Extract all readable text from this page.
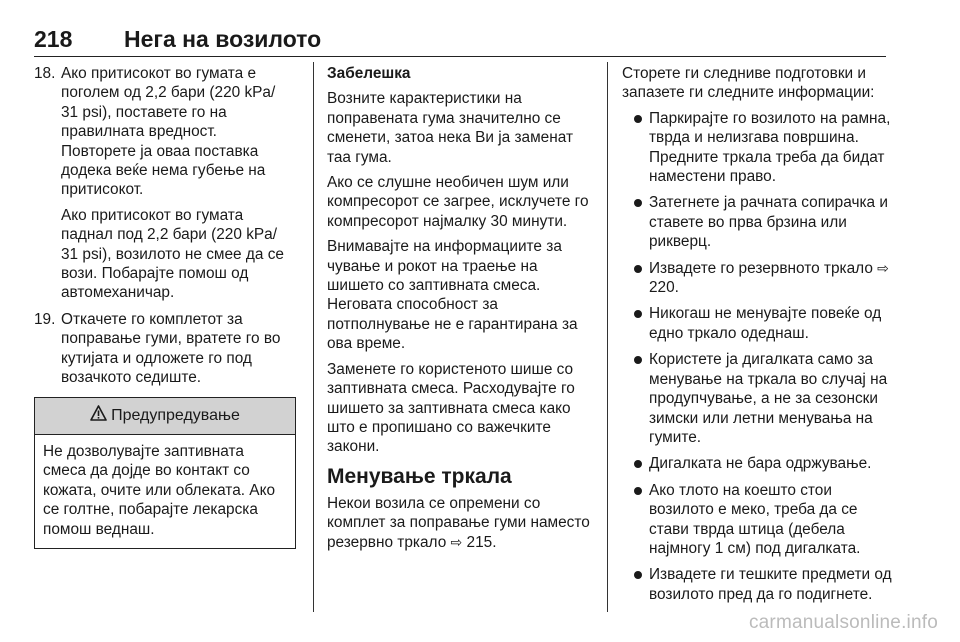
218 Нега на возилото
18. Ако притисокот во гумата е поголем од 2,2 бари (220 kPa/ 31 psi), поставете го на правилната вредност. Повторете ја оваа поставка додека веќе нема губење на притисокот.

Ако притисокот во гумата паднал под 2,2 бари (220 kPa/ 31 psi), возилото не смее да се вози. Побарајте помош од автомеханичар.

19. Откачете го комплетот за поправање гуми, вратете го во кутијата и одложете го под возачкото седиште.

Предупредување
Не дозволувајте заптивната смеса да дојде во контакт со кожата, очите или облеката. Ако се голтне, побарајте лекарска помош веднаш.

Забелешка

Возните карактеристики на поправената гума значително се сменети, затоа нека Ви ја заменат таа гума.

Ако се слушне необичен шум или компресорот се загрее, исклучете го компресорот најмалку 30 минути.

Внимавајте на информациите за чување и рокот на траење на шишето со заптивната смеса. Неговата способност за потполнување не е гарантирана за ова време.

Заменете го користеното шише со заптивната смеса. Расходувајте го шишето за заптивната смеса како што е пропишано со важечките закони.

Менување тркала

Некои возила се опремени со комплет за поправање гуми наместо резервно тркало ⇨ 215.

Сторете ги следниве подготовки и запазете ги следните информации:

Паркирајте го возилото на рамна, тврда и нелизгава површина. Предните тркала треба да бидат наместени право.
Затегнете ја рачната сопирачка и ставете во прва брзина или рикверц.
Извадете го резервното тркало ⇨ 220.
Никогаш не менувајте повеќе од едно тркало одеднаш.
Користете ја дигалката само за менување на тркала во случај на продупчување, а не за сезонски зимски или летни менувања на гумите.
Дигалката не бара одржување.
Ако тлото на коешто стои возилото е меко, треба да се стави тврда штица (дебела најмногу 1 см) под дигалката.
Извадете ги тешките предмети од возилото пред да го подигнете.
carmanualsonline.info
